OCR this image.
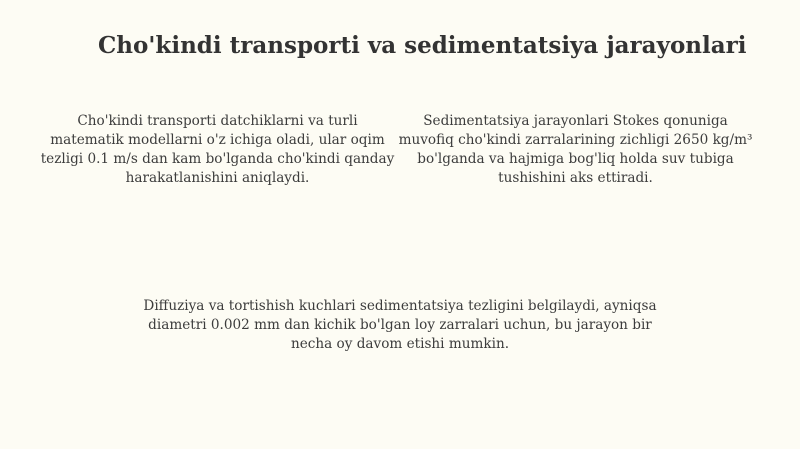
Cho'kindi transporti va sedimentatsiya jarayonlari

Cho'kindi transporti datchiklarni va turli matematik modellarni o'z ichiga oladi, ular oqim tezligi 0.1 m/s dan kam bo'lganda cho'kindi qanday harakatlanishini aniqlaydi.

Sedimentatsiya jarayonlari Stokes qonuniga muvofiq cho'kindi zarralarining zichligi 2650 kg/m³ bo'lganda va hajmiga bog'liq holda suv tubiga tushishini aks ettiradi.

Diffuziya va tortishish kuchlari sedimentatsiya tezligini belgilaydi, ayniqsa diametri 0.002 mm dan kichik bo'lgan loy zarralari uchun, bu jarayon bir necha oy davom etishi mumkin.
